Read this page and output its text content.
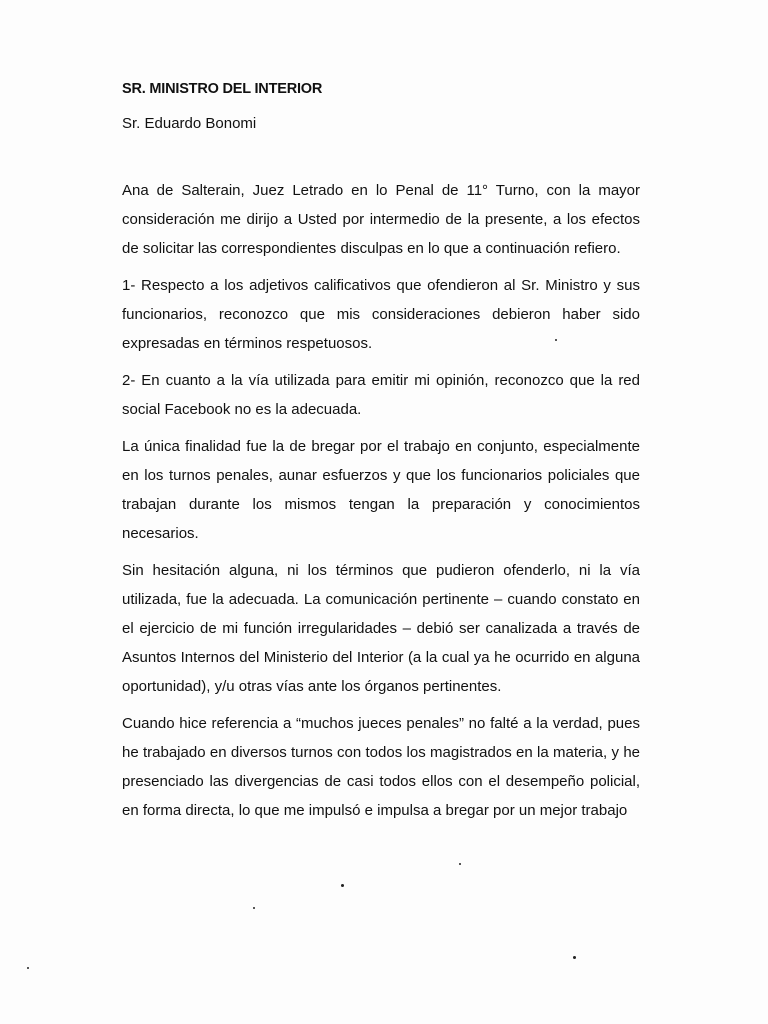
SR. MINISTRO DEL INTERIOR
Sr. Eduardo Bonomi

Ana de Salterain, Juez Letrado en lo Penal de 11° Turno, con la mayor consideración me dirijo a Usted por intermedio de la presente, a los efectos de solicitar las correspondientes disculpas en lo que a continuación refiero.

1- Respecto a los adjetivos calificativos que ofendieron al Sr. Ministro y sus funcionarios, reconozco que mis consideraciones debieron haber sido expresadas en términos respetuosos.

2- En cuanto a la vía utilizada para emitir mi opinión, reconozco que la red social Facebook no es la adecuada.

La única finalidad fue la de bregar por el trabajo en conjunto, especialmente en los turnos penales, aunar esfuerzos y que los funcionarios policiales que trabajan durante los mismos tengan la preparación y conocimientos necesarios.

Sin hesitación alguna, ni los términos que pudieron ofenderlo, ni la vía utilizada, fue la adecuada. La comunicación pertinente – cuando constato en el ejercicio de mi función irregularidades – debió ser canalizada a través de Asuntos Internos del Ministerio del Interior (a la cual ya he ocurrido en alguna oportunidad), y/u otras vías ante los órganos pertinentes.

Cuando hice referencia a “muchos jueces penales” no falté a la verdad, pues he trabajado en diversos turnos con todos los magistrados en la materia, y he presenciado las divergencias de casi todos ellos con el desempeño policial, en forma directa, lo que me impulsó e impulsa a bregar por un mejor trabajo
